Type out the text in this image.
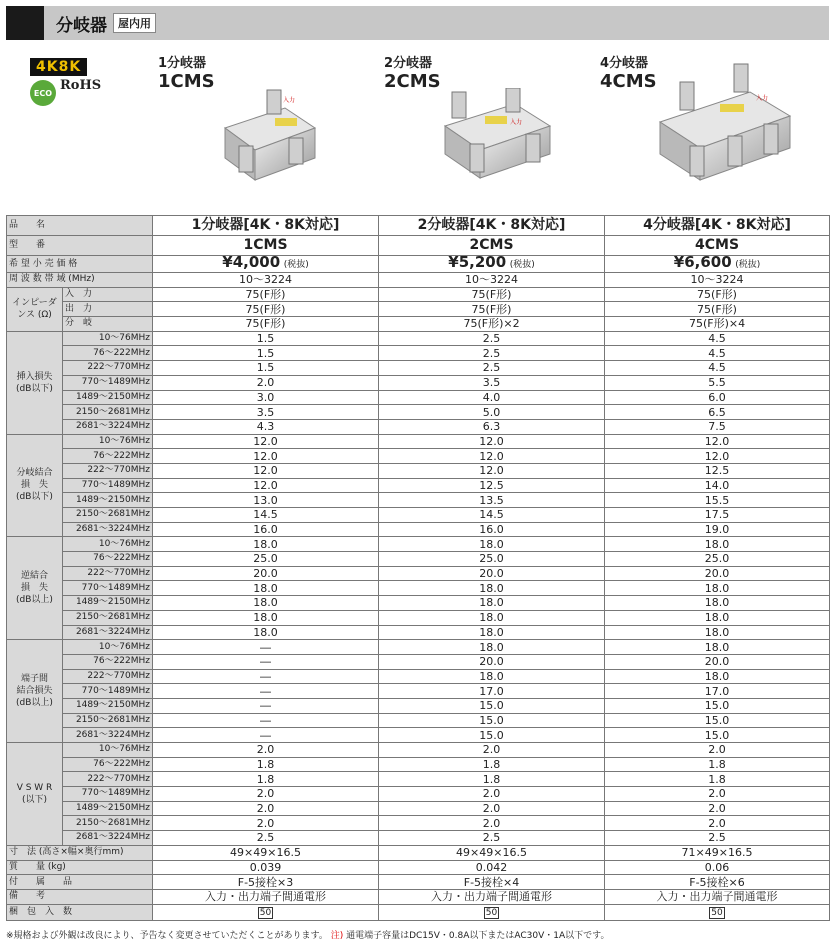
分岐器	屋内用
4K8K
ECO RoHS
1分岐器
1CMS
2分岐器
2CMS
4分岐器
4CMS
入力
入力
入力
品　　名		1分岐器[4K・8K対応]	2分岐器[4K・8K対応]	4分岐器[4K・8K対応]
型　　番		1CMS	2CMS	4CMS
希 望 小 売 価 格		¥4,000 (税抜)	¥5,200 (税抜)	¥6,600 (税抜)
周 波 数 帯 域 (MHz)		10～3224	10～3224	10～3224
インピーダンス (Ω)	入　力	75(F形)	75(F形)	75(F形)
	出　力	75(F形)	75(F形)	75(F形)
	分　岐	75(F形)	75(F形)×2	75(F形)×4
挿入損失
(dB以下)	10～76MHz	1.5	2.5	4.5
	76～222MHz	1.5	2.5	4.5
	222～770MHz	1.5	2.5	4.5
	770～1489MHz	2.0	3.5	5.5
	1489～2150MHz	3.0	4.0	6.0
	2150～2681MHz	3.5	5.0	6.5
	2681～3224MHz	4.3	6.3	7.5
分岐結合
損　失
(dB以下)	10～76MHz	12.0	12.0	12.0
	76～222MHz	12.0	12.0	12.0
	222～770MHz	12.0	12.0	12.5
	770～1489MHz	12.0	12.5	14.0
	1489～2150MHz	13.0	13.5	15.5
	2150～2681MHz	14.5	14.5	17.5
	2681～3224MHz	16.0	16.0	19.0
逆結合
損　失
(dB以上)	10～76MHz	18.0	18.0	18.0
	76～222MHz	25.0	25.0	25.0
	222～770MHz	20.0	20.0	20.0
	770～1489MHz	18.0	18.0	18.0
	1489～2150MHz	18.0	18.0	18.0
	2150～2681MHz	18.0	18.0	18.0
	2681～3224MHz	18.0	18.0	18.0
端子間
結合損失
(dB以上)	10～76MHz	―	18.0	18.0
	76～222MHz	―	20.0	20.0
	222～770MHz	―	18.0	18.0
	770～1489MHz	―	17.0	17.0
	1489～2150MHz	―	15.0	15.0
	2150～2681MHz	―	15.0	15.0
	2681～3224MHz	―	15.0	15.0
V S W R
(以下)	10～76MHz	2.0	2.0	2.0
	76～222MHz	1.8	1.8	1.8
	222～770MHz	1.8	1.8	1.8
	770～1489MHz	2.0	2.0	2.0
	1489～2150MHz	2.0	2.0	2.0
	2150～2681MHz	2.0	2.0	2.0
	2681～3224MHz	2.5	2.5	2.5
寸　法 (高さ×幅×奥行mm)		49×49×16.5	49×49×16.5	71×49×16.5
質　　量 (kg)		0.039	0.042	0.06
付　　属　　品		F-5接栓×3	F-5接栓×4	F-5接栓×6
備　　考		入力・出力端子間通電形	入力・出力端子間通電形	入力・出力端子間通電形
梱　包　入　数		50	50	50
※規格および外観は改良により、予告なく変更させていただくことがあります。 注) 通電端子容量はDC15V・0.8A以下またはAC30V・1A以下です。
